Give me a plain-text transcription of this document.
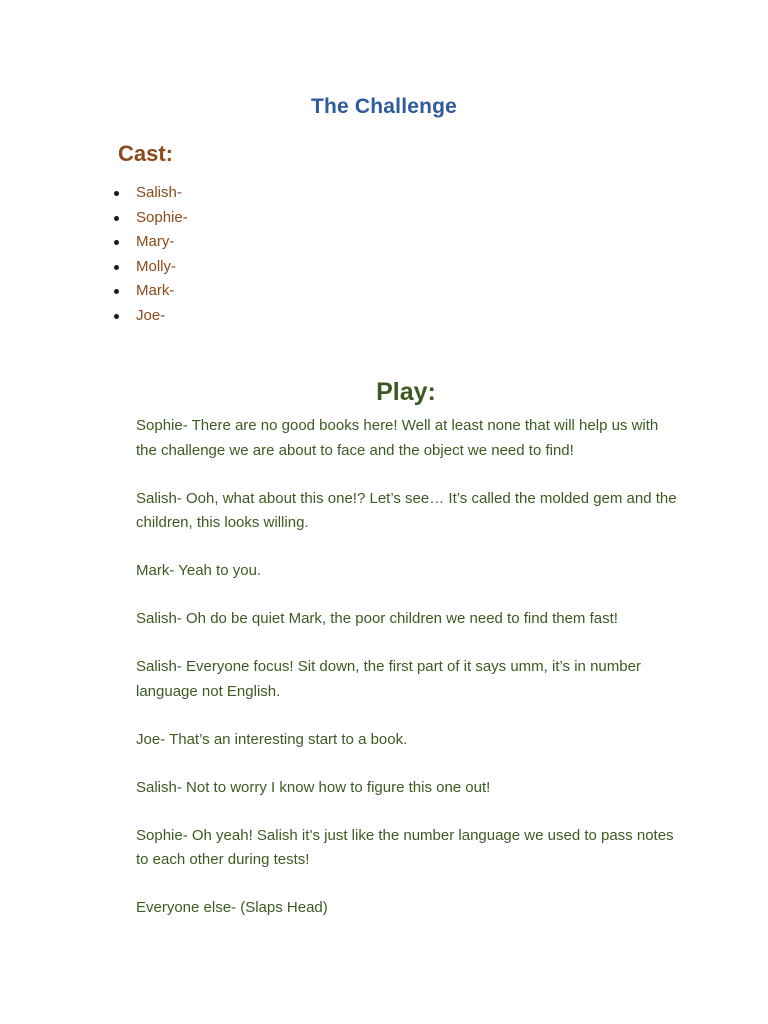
The Challenge
Cast:
Salish-
Sophie-
Mary-
Molly-
Mark-
Joe-
Play:

Sophie- There are no good books here! Well at least none that will help us with the challenge we are about to face and the object we need to find!

Salish- Ooh, what about this one!? Let’s see… It’s called the molded gem and the children, this looks willing.

Mark- Yeah to you.

Salish- Oh do be quiet Mark, the poor children we need to find them fast!

Salish- Everyone focus! Sit down, the first part of it says umm, it’s in number language not English.

Joe- That’s an interesting start to a book.

Salish- Not to worry I know how to figure this one out!

Sophie- Oh yeah! Salish it’s just like the number language we used to pass notes to each other during tests!

Everyone else- (Slaps Head)
